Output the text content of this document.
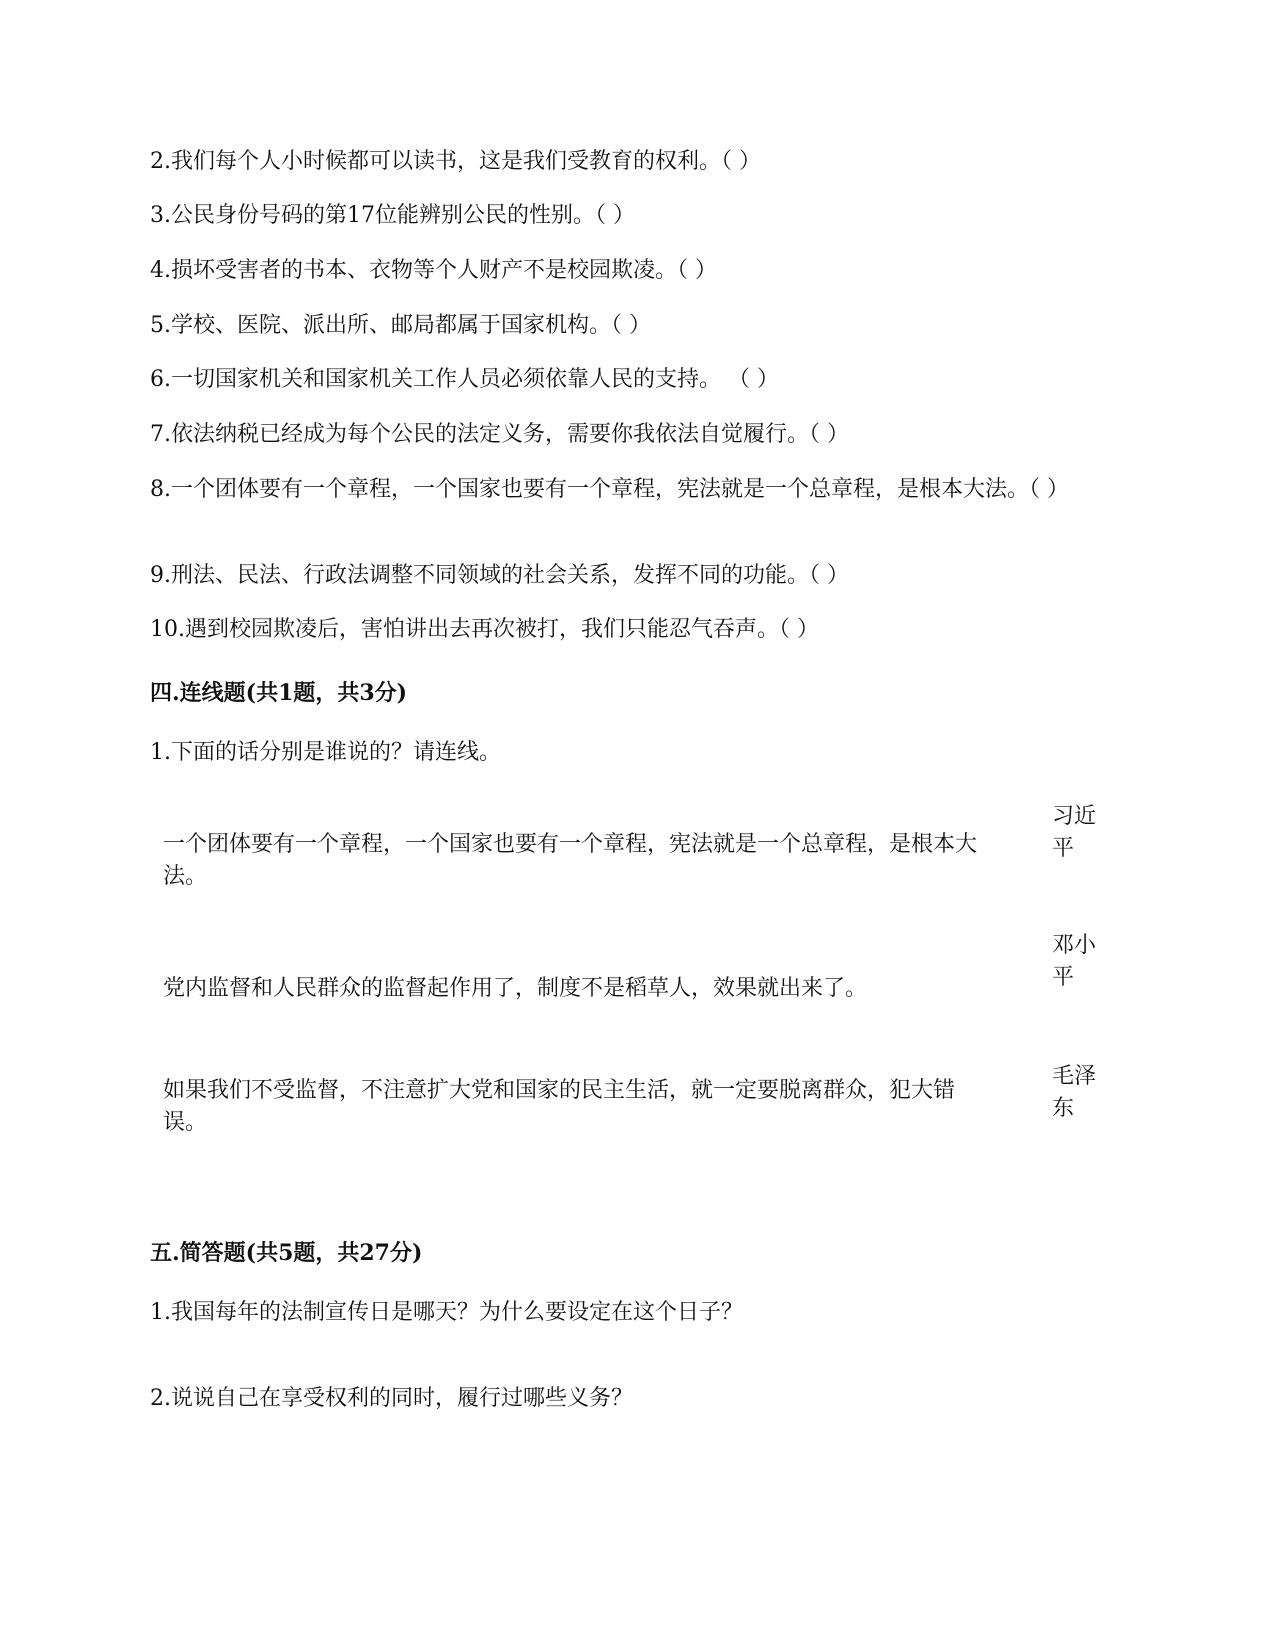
2.我们每个人小时候都可以读书，这是我们受教育的权利。（ ）
3.公民身份号码的第17位能辨别公民的性别。（ ）
4.损坏受害者的书本、衣物等个人财产不是校园欺凌。（ ）
5.学校、医院、派出所、邮局都属于国家机构。（ ）
6.一切国家机关和国家机关工作人员必须依靠人民的支持。 （ ）
7.依法纳税已经成为每个公民的法定义务，需要你我依法自觉履行。（ ）
8.一个团体要有一个章程，一个国家也要有一个章程，宪法就是一个总章程，是根本大法。（ ）
9.刑法、民法、行政法调整不同领域的社会关系，发挥不同的功能。（ ）
10.遇到校园欺凌后，害怕讲出去再次被打，我们只能忍气吞声。（ ）
四.连线题(共1题，共3分)
1.下面的话分别是谁说的？请连线。
一个团体要有一个章程，一个国家也要有一个章程，宪法就是一个总章程，是根本大法。
习近平
党内监督和人民群众的监督起作用了，制度不是稻草人，效果就出来了。
邓小平
如果我们不受监督，不注意扩大党和国家的民主生活，就一定要脱离群众，犯大错误。
毛泽东
五.简答题(共5题，共27分)
1.我国每年的法制宣传日是哪天？为什么要设定在这个日子？
2.说说自己在享受权利的同时，履行过哪些义务？
